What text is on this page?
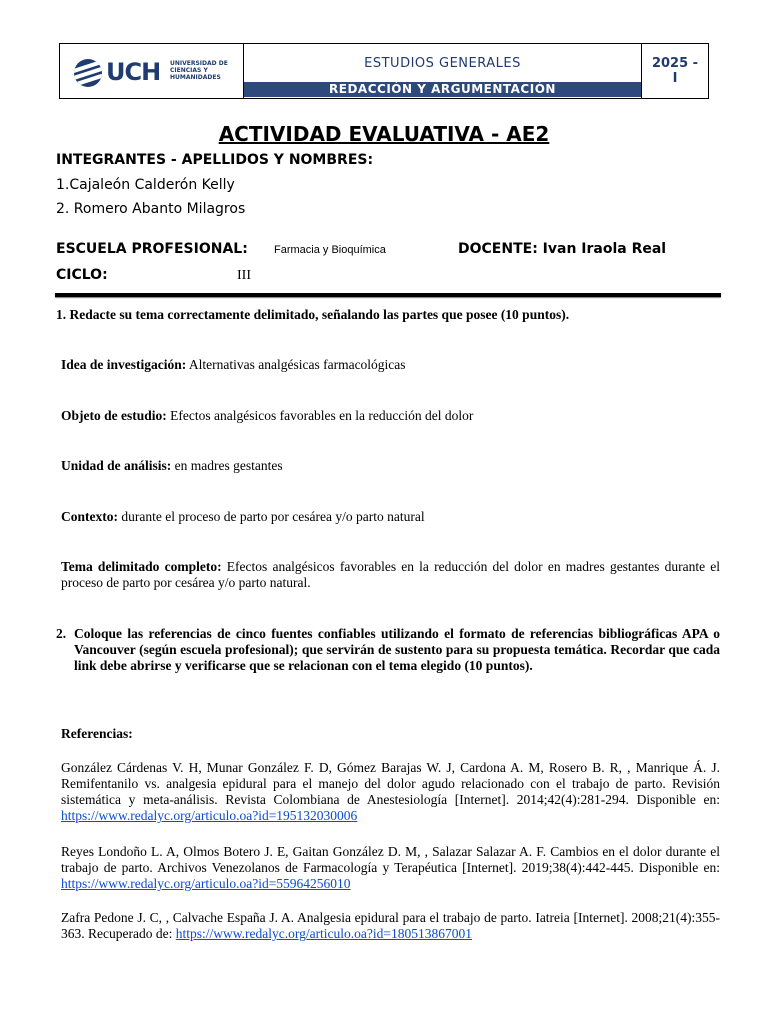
UCH UNIVERSIDAD DE
CIENCIAS Y
HUMANIDADES
ESTUDIOS GENERALES
REDACCIÓN Y ARGUMENTACIÓN
2025 -
I
ACTIVIDAD EVALUATIVA - AE2
INTEGRANTES - APELLIDOS Y NOMBRES:
1.Cajaleón Calderón Kelly
2. Romero Abanto Milagros
ESCUELA PROFESIONAL: Farmacia y Bioquímica	DOCENTE: Ivan Iraola Real
CICLO:	III
1. Redacte su tema correctamente delimitado, señalando las partes que posee (10 puntos).
Idea de investigación: Alternativas analgésicas farmacológicas
Objeto de estudio: Efectos analgésicos favorables en la reducción del dolor
Unidad de análisis: en madres gestantes
Contexto: durante el proceso de parto por cesárea y/o parto natural
Tema delimitado completo: Efectos analgésicos favorables en la reducción del dolor en madres gestantes durante el proceso de parto por cesárea y/o parto natural.
2. Coloque las referencias de cinco fuentes confiables utilizando el formato de referencias bibliográficas APA o Vancouver (según escuela profesional); que servirán de sustento para su propuesta temática. Recordar que cada link debe abrirse y verificarse que se relacionan con el tema elegido (10 puntos).
Referencias:
González Cárdenas V. H, Munar González F. D, Gómez Barajas W. J, Cardona A. M, Rosero B. R, , Manrique Á. J. Remifentanilo vs. analgesia epidural para el manejo del dolor agudo relacionado con el trabajo de parto. Revisión sistemática y meta-análisis. Revista Colombiana de Anestesiología [Internet]. 2014;42(4):281-294. Disponible en: https://www.redalyc.org/articulo.oa?id=195132030006
Reyes Londoño L. A, Olmos Botero J. E, Gaitan González D. M, , Salazar Salazar A. F. Cambios en el dolor durante el trabajo de parto. Archivos Venezolanos de Farmacología y Terapéutica [Internet]. 2019;38(4):442-445. Disponible en: https://www.redalyc.org/articulo.oa?id=55964256010
Zafra Pedone J. C, , Calvache España J. A. Analgesia epidural para el trabajo de parto. Iatreia [Internet]. 2008;21(4):355-363. Recuperado de: https://www.redalyc.org/articulo.oa?id=180513867001
